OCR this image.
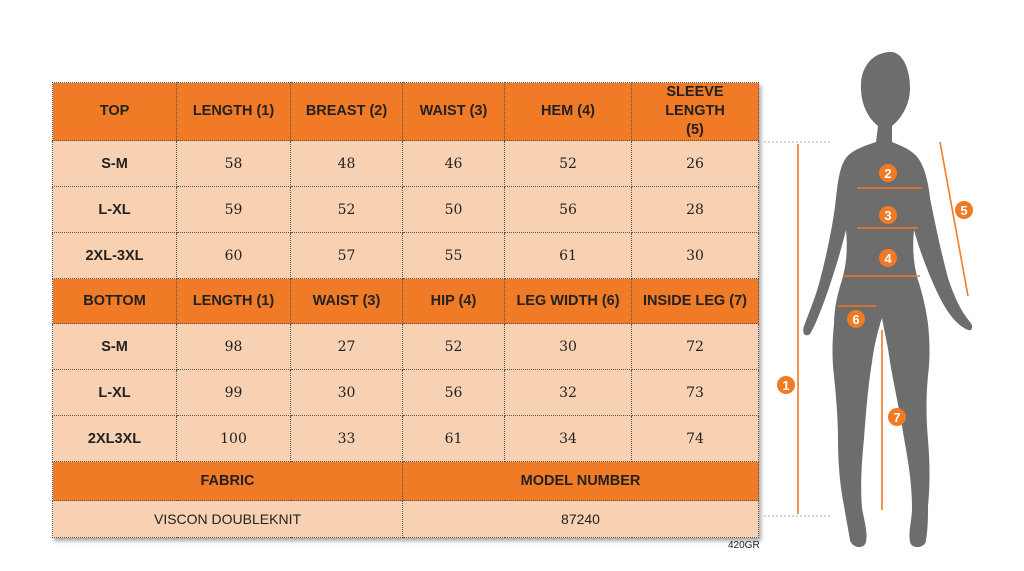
TOP	LENGTH (1)	BREAST (2)	WAIST (3)	HEM (4)	SLEEVE LENGTH (5)
S-M	58	48	46	52	26
L-XL	59	52	50	56	28
2XL-3XL	60	57	55	61	30
BOTTOM	LENGTH (1)	WAIST (3)	HIP (4)	LEG WIDTH (6)	INSIDE LEG (7)
S-M	98	27	52	30	72
L-XL	99	30	56	32	73
2XL3XL	100	33	61	34	74
FABRIC			MODEL NUMBER		
VISCON DOUBLEKNIT			87240		
420GR
1
2
3
4
5
6
7
